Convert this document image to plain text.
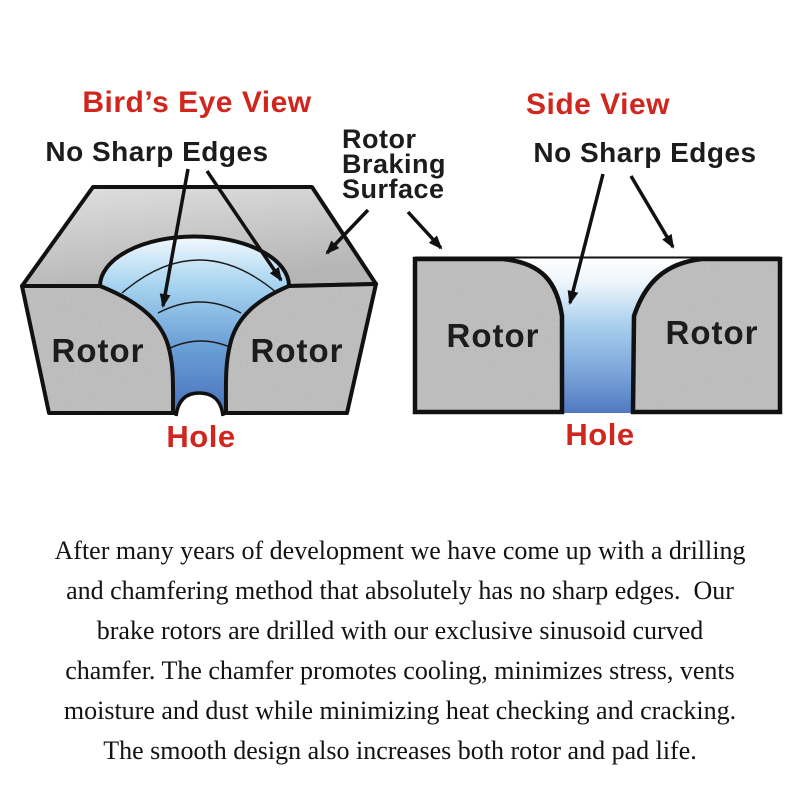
Bird’s Eye View
No Sharp Edges	Rotor
Braking
Surface
Side View
No Sharp Edges
Rotor	Rotor	Rotor	Rotor
Hole	Hole
After many years of development we have come up with a drilling
and chamfering method that absolutely has no sharp edges.  Our
brake rotors are drilled with our exclusive sinusoid curved
chamfer. The chamfer promotes cooling, minimizes stress, vents
moisture and dust while minimizing heat checking and cracking.
The smooth design also increases both rotor and pad life.
